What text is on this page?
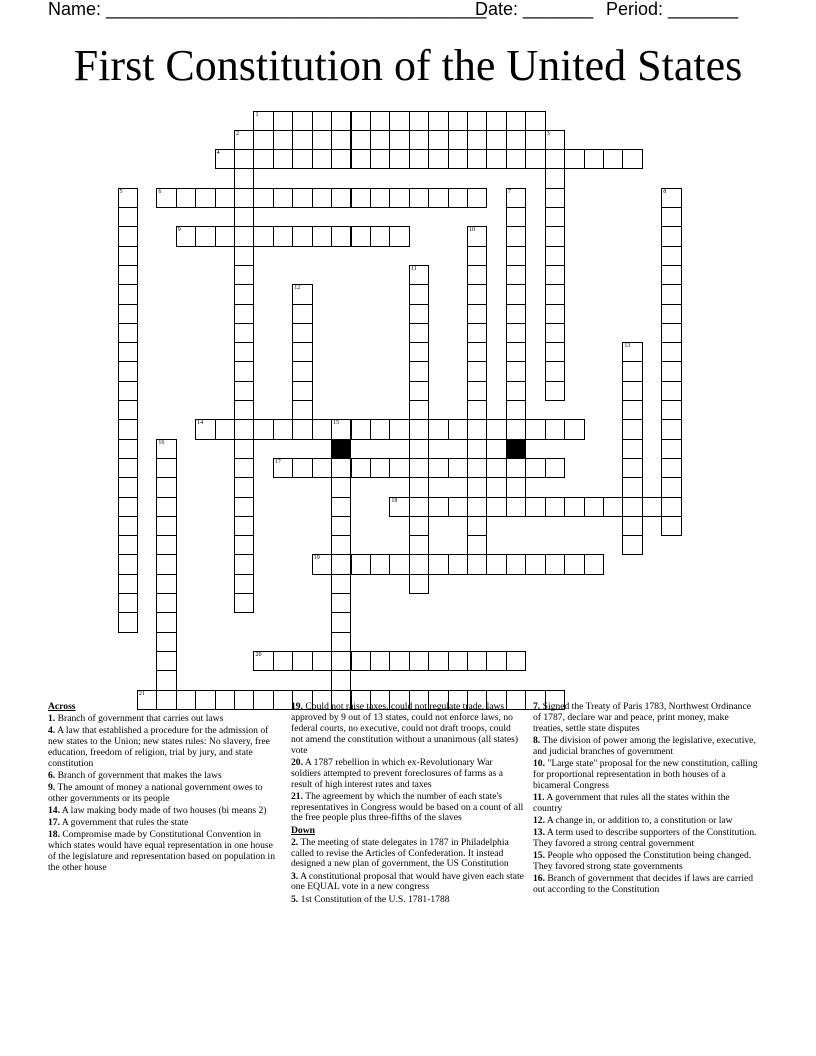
Name: ______________________________________
Date: _______ Period: _______
First Constitution of the United States
1
2	3
4
5	6	7	8
9	10
11
12
13
14	15
16
17
18
19
20
21
Across
1. Branch of government that carries out laws
4. A law that established a procedure for the admission of new states to the Union; new states rules: No slavery, free education, freedom of religion, trial by jury, and state constitution
6. Branch of government that makes the laws
9. The amount of money a national government owes to other governments or its people
14. A law making body made of two houses (bi means 2)
17. A government that rules the state
18. Compromise made by Constitutional Convention in which states would have equal representation in one house of the legislature and representation based on population in the other house
19. Could not raise taxes, could not regulate trade, laws approved by 9 out of 13 states, could not enforce laws, no federal courts, no executive, could not draft troops, could not amend the constitution without a unanimous (all states) vote
20. A 1787 rebellion in which ex-Revolutionary War soldiers attempted to prevent foreclosures of farms as a result of high interest rates and taxes
21. The agreement by which the number of each state's representatives in Congress would be based on a count of all the free people plus three-fifths of the slaves
Down
2. The meeting of state delegates in 1787 in Philadelphia called to revise the Articles of Confederation. It instead designed a new plan of government, the US Constitution
3. A constitutional proposal that would have given each state one EQUAL vote in a new congress
5. 1st Constitution of the U.S. 1781-1788
7. Signed the Treaty of Paris 1783, Northwest Ordinance of 1787, declare war and peace, print money, make treaties, settle state disputes
8. The division of power among the legislative, executive, and judicial branches of government
10. "Large state" proposal for the new constitution, calling for proportional representation in both houses of a bicameral Congress
11. A government that rules all the states within the country
12. A change in, or addition to, a constitution or law
13. A term used to describe supporters of the Constitution. They favored a strong central government
15. People who opposed the Constitution being changed. They favored strong state governments
16. Branch of government that decides if laws are carried out according to the Constitution
